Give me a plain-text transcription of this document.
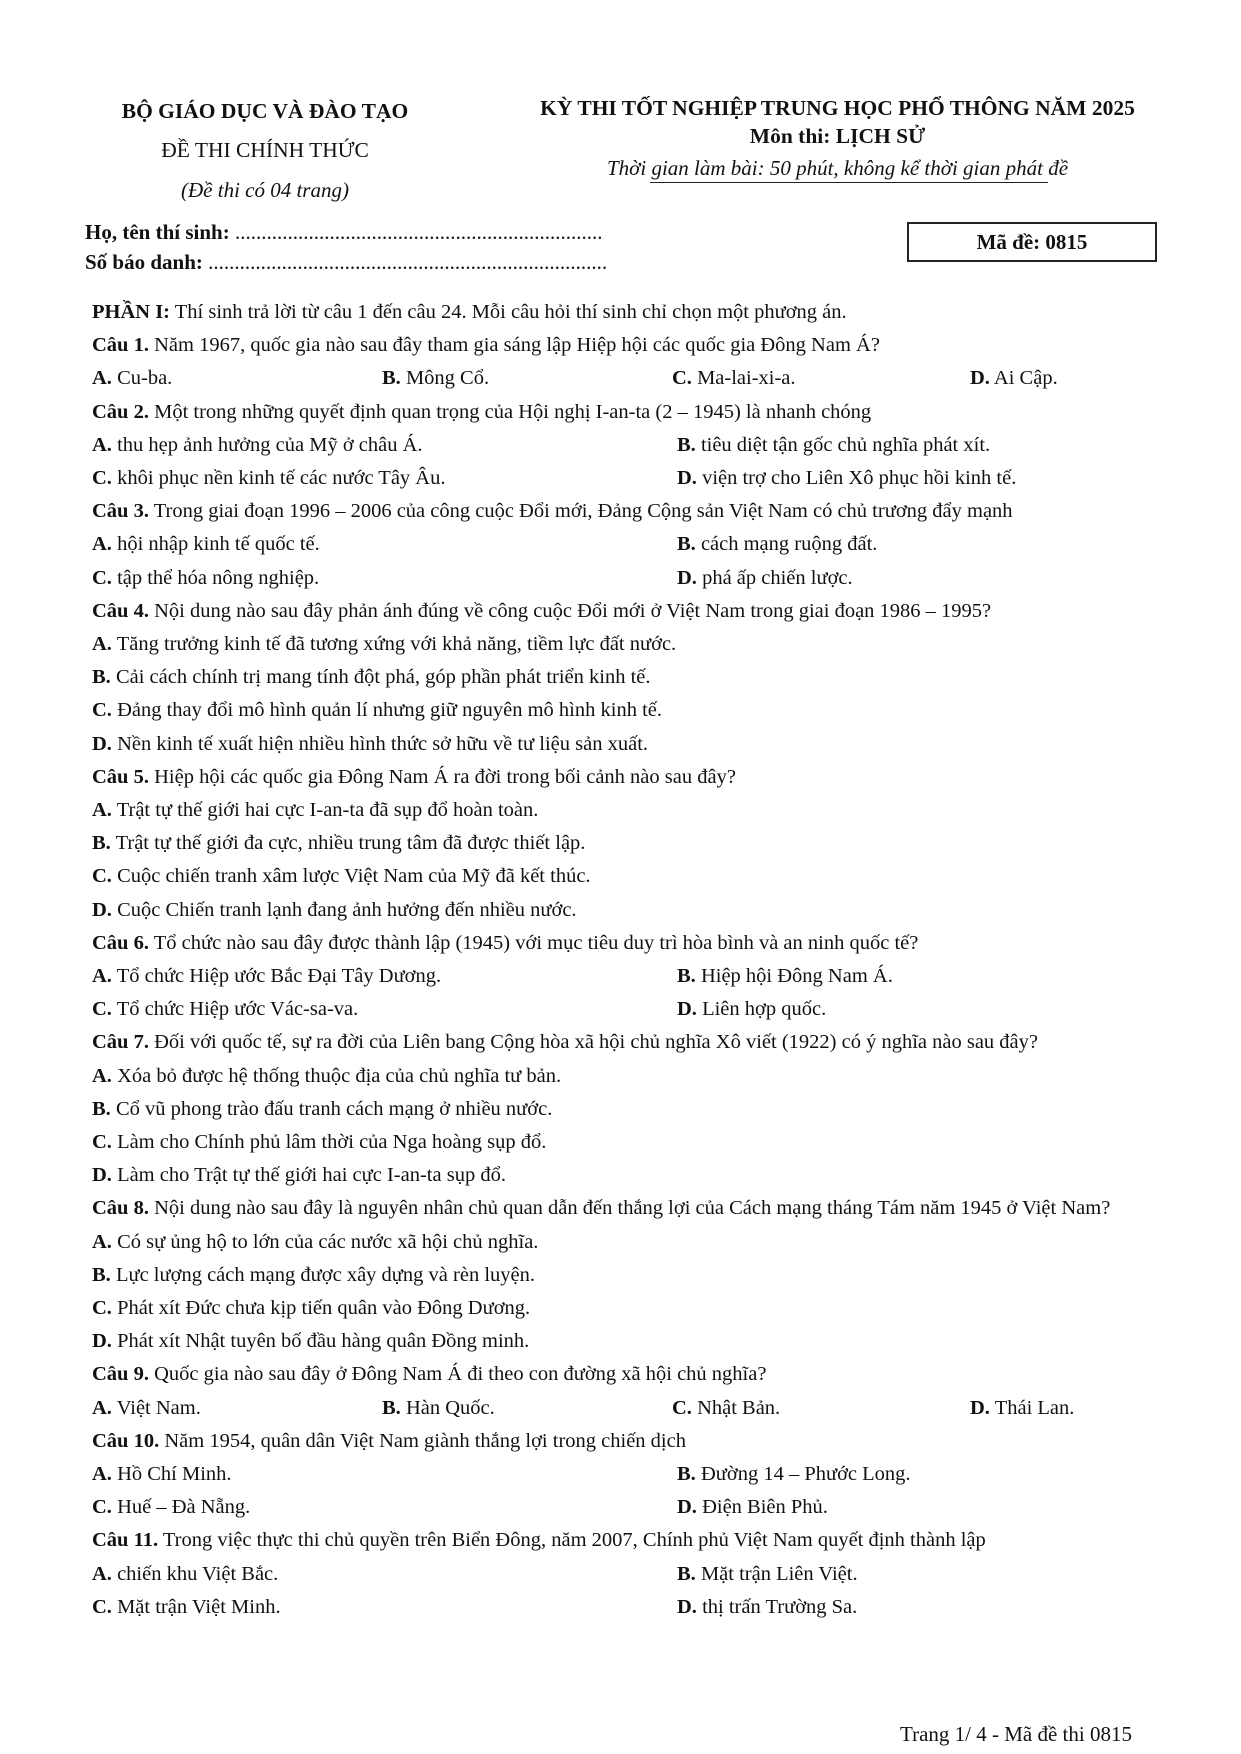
BỘ GIÁO DỤC VÀ ĐÀO TẠO
ĐỀ THI CHÍNH THỨC
(Đề thi có 04 trang)
KỲ THI TỐT NGHIỆP TRUNG HỌC PHỔ THÔNG NĂM 2025
Môn thi: LỊCH SỬ
Thời gian làm bài: 50 phút, không kể thời gian phát đề
Họ, tên thí sinh: ......................................................................
Số báo danh: ............................................................................
Mã đề: 0815
PHẦN I: Thí sinh trả lời từ câu 1 đến câu 24. Mỗi câu hỏi thí sinh chỉ chọn một phương án.
Câu 1. Năm 1967, quốc gia nào sau đây tham gia sáng lập Hiệp hội các quốc gia Đông Nam Á?
A. Cu-ba.	B. Mông Cổ.	C. Ma-lai-xi-a.	D. Ai Cập.
Câu 2. Một trong những quyết định quan trọng của Hội nghị I-an-ta (2 – 1945) là nhanh chóng
A. thu hẹp ảnh hưởng của Mỹ ở châu Á.	B. tiêu diệt tận gốc chủ nghĩa phát xít.
C. khôi phục nền kinh tế các nước Tây Âu.	D. viện trợ cho Liên Xô phục hồi kinh tế.
Câu 3. Trong giai đoạn 1996 – 2006 của công cuộc Đổi mới, Đảng Cộng sản Việt Nam có chủ trương đẩy mạnh
A. hội nhập kinh tế quốc tế.	B. cách mạng ruộng đất.
C. tập thể hóa nông nghiệp.	D. phá ấp chiến lược.
Câu 4. Nội dung nào sau đây phản ánh đúng về công cuộc Đổi mới ở Việt Nam trong giai đoạn 1986 – 1995?
A. Tăng trưởng kinh tế đã tương xứng với khả năng, tiềm lực đất nước.
B. Cải cách chính trị mang tính đột phá, góp phần phát triển kinh tế.
C. Đảng thay đổi mô hình quản lí nhưng giữ nguyên mô hình kinh tế.
D. Nền kinh tế xuất hiện nhiều hình thức sở hữu về tư liệu sản xuất.
Câu 5. Hiệp hội các quốc gia Đông Nam Á ra đời trong bối cảnh nào sau đây?
A. Trật tự thế giới hai cực I-an-ta đã sụp đổ hoàn toàn.
B. Trật tự thế giới đa cực, nhiều trung tâm đã được thiết lập.
C. Cuộc chiến tranh xâm lược Việt Nam của Mỹ đã kết thúc.
D. Cuộc Chiến tranh lạnh đang ảnh hưởng đến nhiều nước.
Câu 6. Tổ chức nào sau đây được thành lập (1945) với mục tiêu duy trì hòa bình và an ninh quốc tế?
A. Tổ chức Hiệp ước Bắc Đại Tây Dương.	B. Hiệp hội Đông Nam Á.
C. Tổ chức Hiệp ước Vác-sa-va.	D. Liên hợp quốc.
Câu 7. Đối với quốc tế, sự ra đời của Liên bang Cộng hòa xã hội chủ nghĩa Xô viết (1922) có ý nghĩa nào sau đây?
A. Xóa bỏ được hệ thống thuộc địa của chủ nghĩa tư bản.
B. Cổ vũ phong trào đấu tranh cách mạng ở nhiều nước.
C. Làm cho Chính phủ lâm thời của Nga hoàng sụp đổ.
D. Làm cho Trật tự thế giới hai cực I-an-ta sụp đổ.
Câu 8. Nội dung nào sau đây là nguyên nhân chủ quan dẫn đến thắng lợi của Cách mạng tháng Tám năm 1945 ở Việt Nam?
A. Có sự ủng hộ to lớn của các nước xã hội chủ nghĩa.
B. Lực lượng cách mạng được xây dựng và rèn luyện.
C. Phát xít Đức chưa kịp tiến quân vào Đông Dương.
D. Phát xít Nhật tuyên bố đầu hàng quân Đồng minh.
Câu 9. Quốc gia nào sau đây ở Đông Nam Á đi theo con đường xã hội chủ nghĩa?
A. Việt Nam.	B. Hàn Quốc.	C. Nhật Bản.	D. Thái Lan.
Câu 10. Năm 1954, quân dân Việt Nam giành thắng lợi trong chiến dịch
A. Hồ Chí Minh.	B. Đường 14 – Phước Long.
C. Huế – Đà Nẵng.	D. Điện Biên Phủ.
Câu 11. Trong việc thực thi chủ quyền trên Biển Đông, năm 2007, Chính phủ Việt Nam quyết định thành lập
A. chiến khu Việt Bắc.	B. Mặt trận Liên Việt.
C. Mặt trận Việt Minh.	D. thị trấn Trường Sa.
Trang 1/ 4 - Mã đề thi 0815
